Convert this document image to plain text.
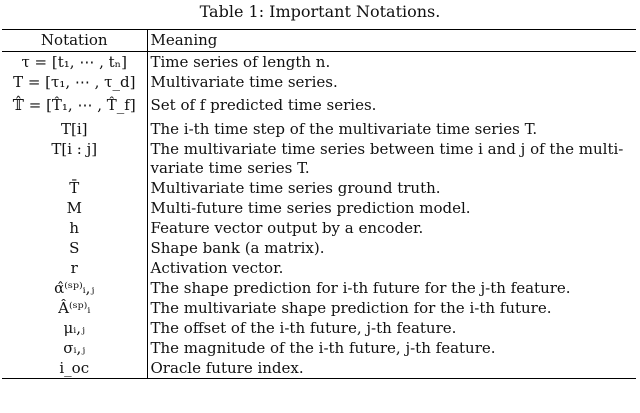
Table 1: Important Notations.
Notation	Meaning
τ = [t₁, ⋯ , tₙ]	Time series of length n.
T = [τ₁, ⋯ , τ_d]	Multivariate time series.
𝕋̂ = [T̂₁, ⋯ , T̂_f]	Set of f predicted time series.
T[i]	The i-th time step of the multivariate time series T.
T[i : j]	The multivariate time series between time i and j of the multi-variate time series T.
T̄	Multivariate time series ground truth.
M	Multi-future time series prediction model.
h	Feature vector output by a encoder.
S	Shape bank (a matrix).
r	Activation vector.
α̂⁽ˢᵖ⁾ᵢ,ⱼ	The shape prediction for i-th future for the j-th feature.
Â⁽ˢᵖ⁾ᵢ	The multivariate shape prediction for the i-th future.
μᵢ,ⱼ	The offset of the i-th future, j-th feature.
σᵢ,ⱼ	The magnitude of the i-th future, j-th feature.
i_oc	Oracle future index.
